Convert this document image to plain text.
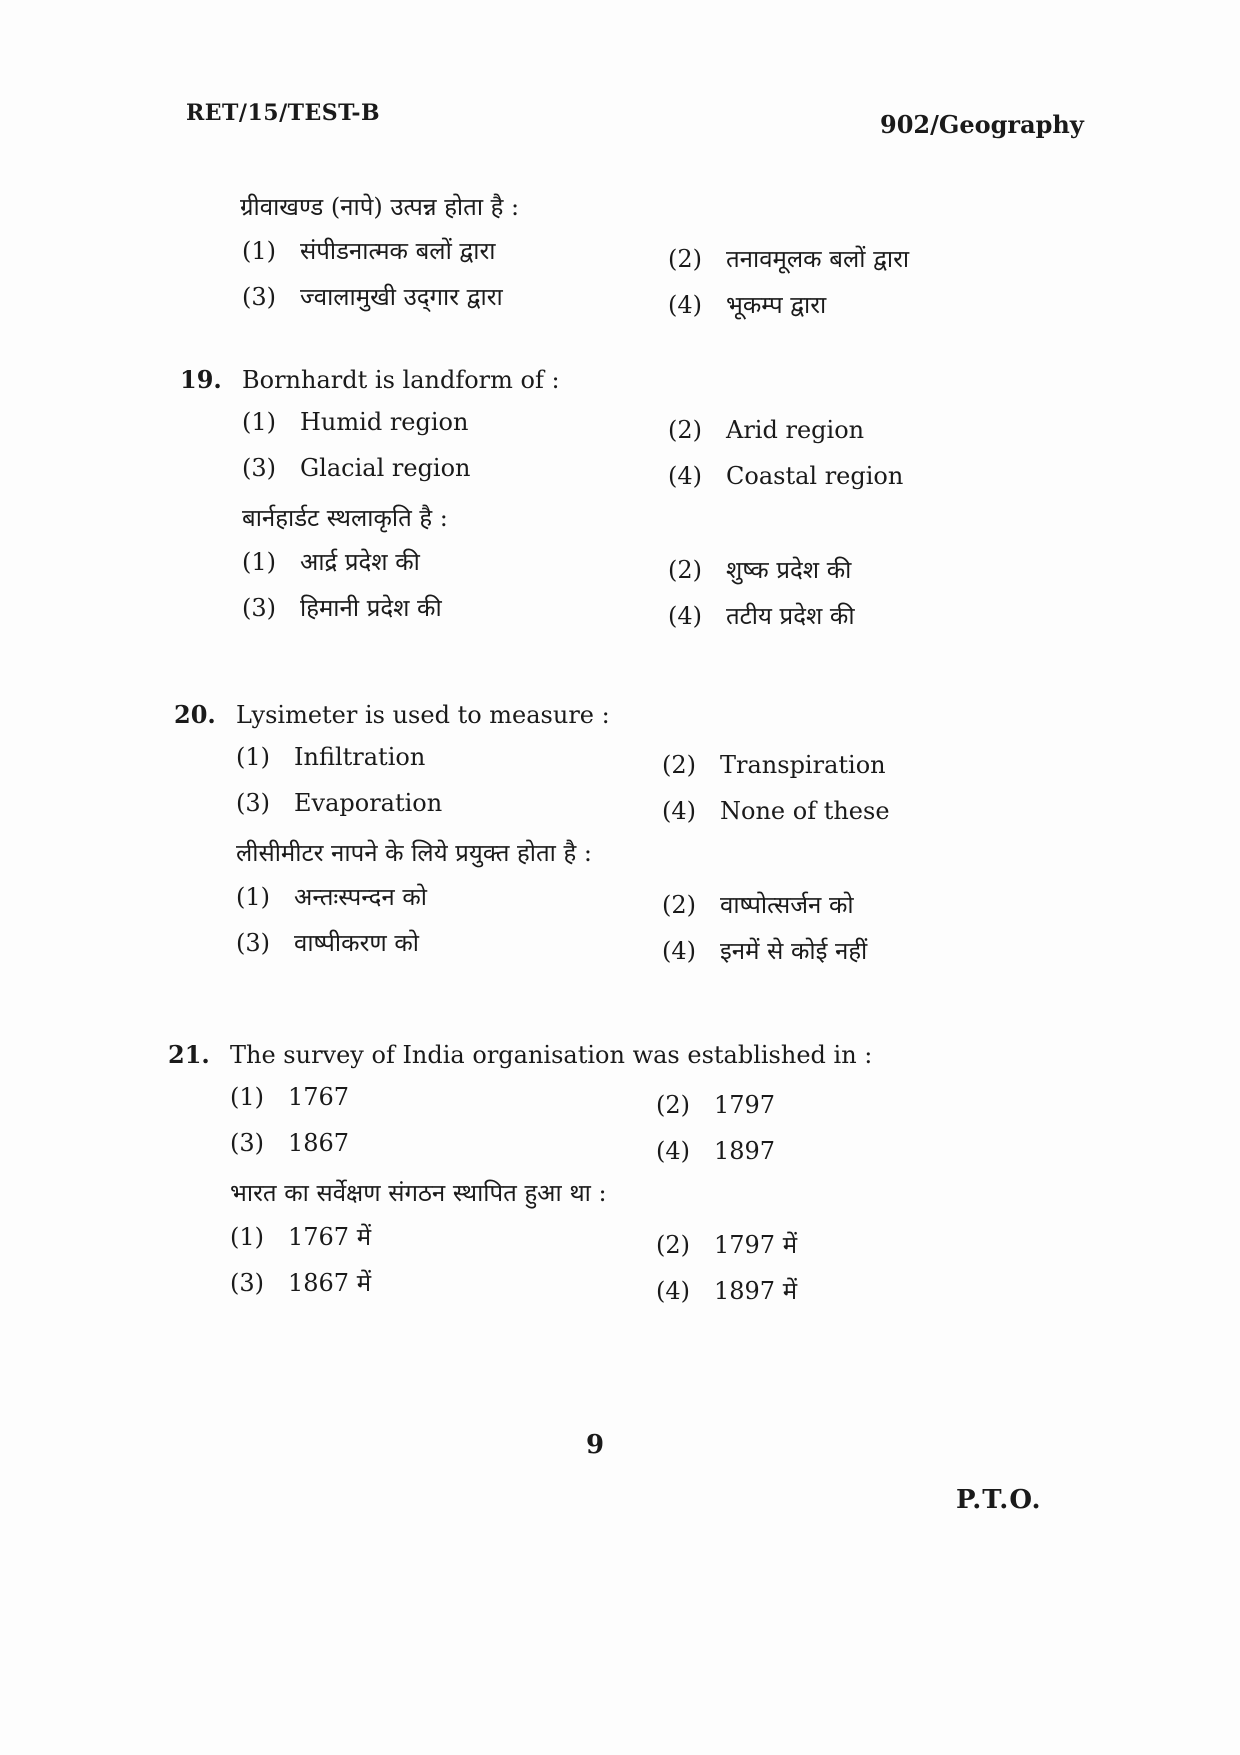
RET/15/TEST-B	902/Geography
ग्रीवाखण्ड (नापे) उत्पन्न होता है :
(1) संपीडनात्मक बलों द्वारा	(2) तनावमूलक बलों द्वारा
(3) ज्वालामुखी उद्‌गार द्वारा	(4) भूकम्प द्वारा
19. Bornhardt is landform of :
(1) Humid region	(2) Arid region
(3) Glacial region	(4) Coastal region
बार्नहार्डट स्थलाकृति है :
(1) आर्द्र प्रदेश की	(2) शुष्क प्रदेश की
(3) हिमानी प्रदेश की	(4) तटीय प्रदेश की
20. Lysimeter is used to measure :
(1) Infiltration	(2) Transpiration
(3) Evaporation	(4) None of these
लीसीमीटर नापने के लिये प्रयुक्त होता है :
(1) अन्तःस्पन्दन को	(2) वाष्पोत्सर्जन को
(3) वाष्पीकरण को	(4) इनमें से कोई नहीं
21. The survey of India organisation was established in :
(1) 1767	(2) 1797
(3) 1867	(4) 1897
भारत का सर्वेक्षण संगठन स्थापित हुआ था :
(1) 1767 में	(2) 1797 में
(3) 1867 में	(4) 1897 में
9
P.T.O.
